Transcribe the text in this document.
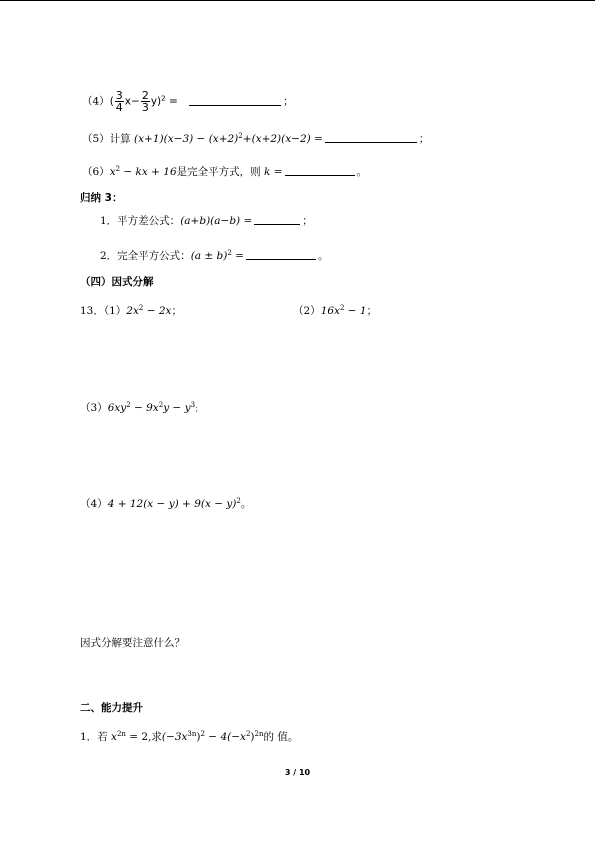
$(4)( \frac{3}{4} x- \frac{2}{3} y)^2$ =	；
（5）计算 $(x+1)(x-3) - (x+2)^2+(x+2)(x-2)$ =	；
$(6)x^2$ − kx + 16是完全平方式，则 k =	。
归纳 3：
1．平方差公式：(a+b)(a−b) =	；
2．完全平方公式：$(a \pm b)^2$ =	。
（四）因式分解
13．$(1)2x^2 - 2x$；	$(2)16x^2 - 1$；
$(3)6xy^2 - 9x^2y - y^3$；
$(4)4 + 12(x - y) + 9(x - y)^2$。
因式分解要注意什么？
二、能力提升
1．若 $x^{2n} = 2$,求$(-3x^{3n})^2 - 4(-x^2)^{2n}$的 值。
3 / 10
